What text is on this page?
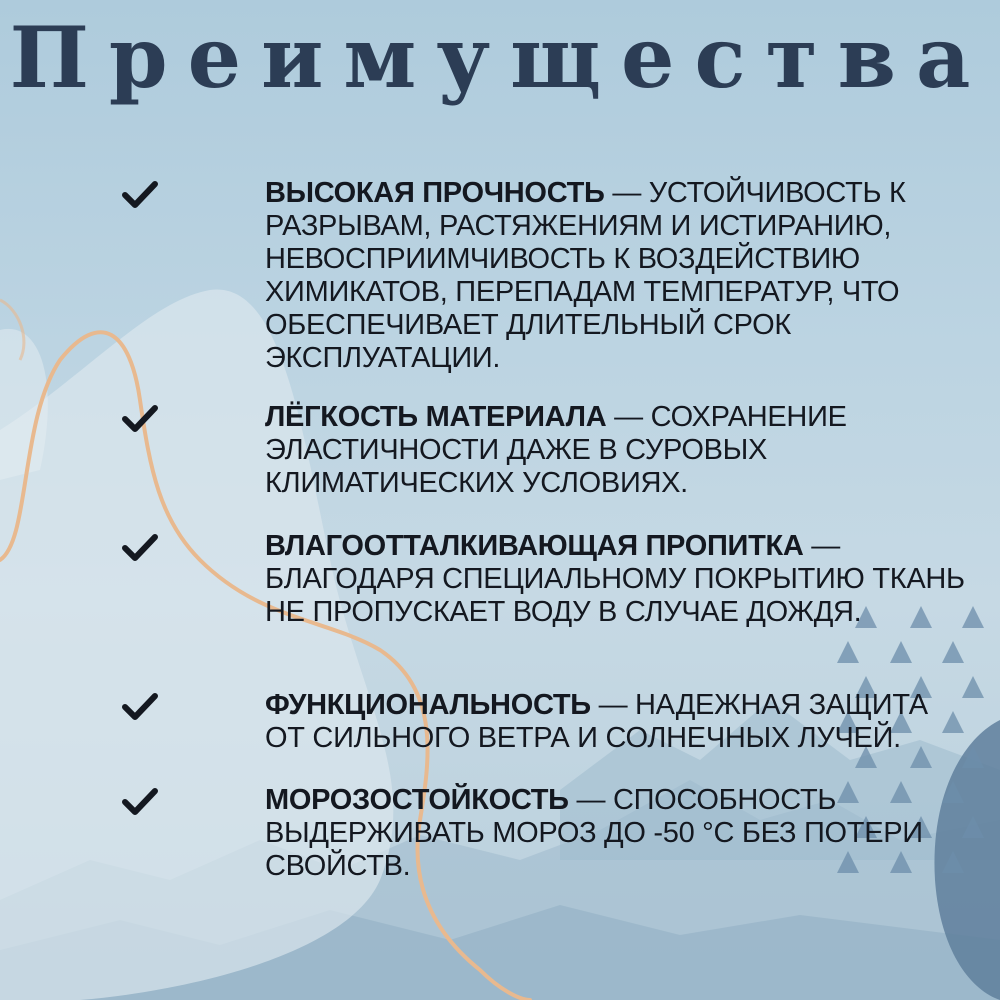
Преимущества

ВЫСОКАЯ ПРОЧНОСТЬ — УСТОЙЧИВОСТЬ К РАЗРЫВАМ, РАСТЯЖЕНИЯМ И ИСТИРАНИЮ, НЕВОСПРИИМЧИВОСТЬ К ВОЗДЕЙСТВИЮ ХИМИКАТОВ, ПЕРЕПАДАМ ТЕМПЕРАТУР, ЧТО ОБЕСПЕЧИВАЕТ ДЛИТЕЛЬНЫЙ СРОК ЭКСПЛУАТАЦИИ.

ЛЁГКОСТЬ МАТЕРИАЛА — СОХРАНЕНИЕ ЭЛАСТИЧНОСТИ ДАЖЕ В СУРОВЫХ КЛИМАТИЧЕСКИХ УСЛОВИЯХ.

ВЛАГООТТАЛКИВАЮЩАЯ ПРОПИТКА — БЛАГОДАРЯ СПЕЦИАЛЬНОМУ ПОКРЫТИЮ ТКАНЬ НЕ ПРОПУСКАЕТ ВОДУ В СЛУЧАЕ ДОЖДЯ.

ФУНКЦИОНАЛЬНОСТЬ — НАДЕЖНАЯ ЗАЩИТА ОТ СИЛЬНОГО ВЕТРА И СОЛНЕЧНЫХ ЛУЧЕЙ.

МОРОЗОСТОЙКОСТЬ — СПОСОБНОСТЬ ВЫДЕРЖИВАТЬ МОРОЗ ДО -50 °С БЕЗ ПОТЕРИ СВОЙСТВ.
